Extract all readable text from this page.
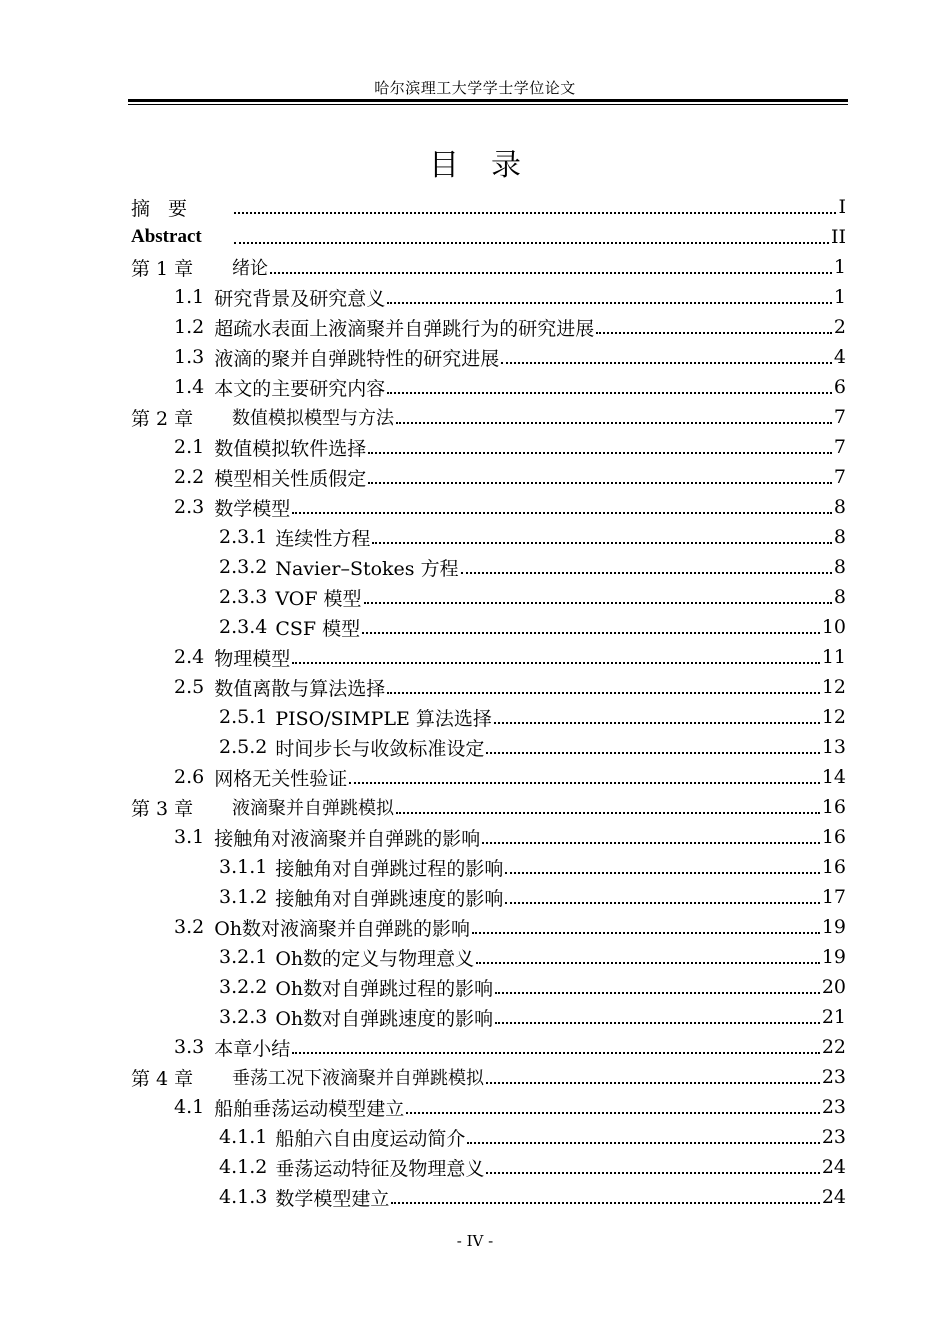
哈尔滨理工大学学士学位论文
目录
摘要	I
Abstract	II
第 1 章	绪论	1
1.1 研究背景及研究意义	1
1.2 超疏水表面上液滴聚并自弹跳行为的研究进展	2
1.3 液滴的聚并自弹跳特性的研究进展	4
1.4 本文的主要研究内容	6
第 2 章	数值模拟模型与方法	7
2.1 数值模拟软件选择	7
2.2 模型相关性质假定	7
2.3 数学模型	8
2.3.1 连续性方程	8
2.3.2 Navier–Stokes 方程	8
2.3.3 VOF 模型	8
2.3.4 CSF 模型	10
2.4 物理模型	11
2.5 数值离散与算法选择	12
2.5.1 PISO/SIMPLE 算法选择	12
2.5.2 时间步长与收敛标准设定	13
2.6 网格无关性验证	14
第 3 章	液滴聚并自弹跳模拟	16
3.1 接触角对液滴聚并自弹跳的影响	16
3.1.1 接触角对自弹跳过程的影响	16
3.1.2 接触角对自弹跳速度的影响	17
3.2 Oh数对液滴聚并自弹跳的影响	19
3.2.1 Oh数的定义与物理意义	19
3.2.2 Oh数对自弹跳过程的影响	20
3.2.3 Oh数对自弹跳速度的影响	21
3.3 本章小结	22
第 4 章	垂荡工况下液滴聚并自弹跳模拟	23
4.1 船舶垂荡运动模型建立	23
4.1.1 船舶六自由度运动简介	23
4.1.2 垂荡运动特征及物理意义	24
4.1.3 数学模型建立	24
- IV -
